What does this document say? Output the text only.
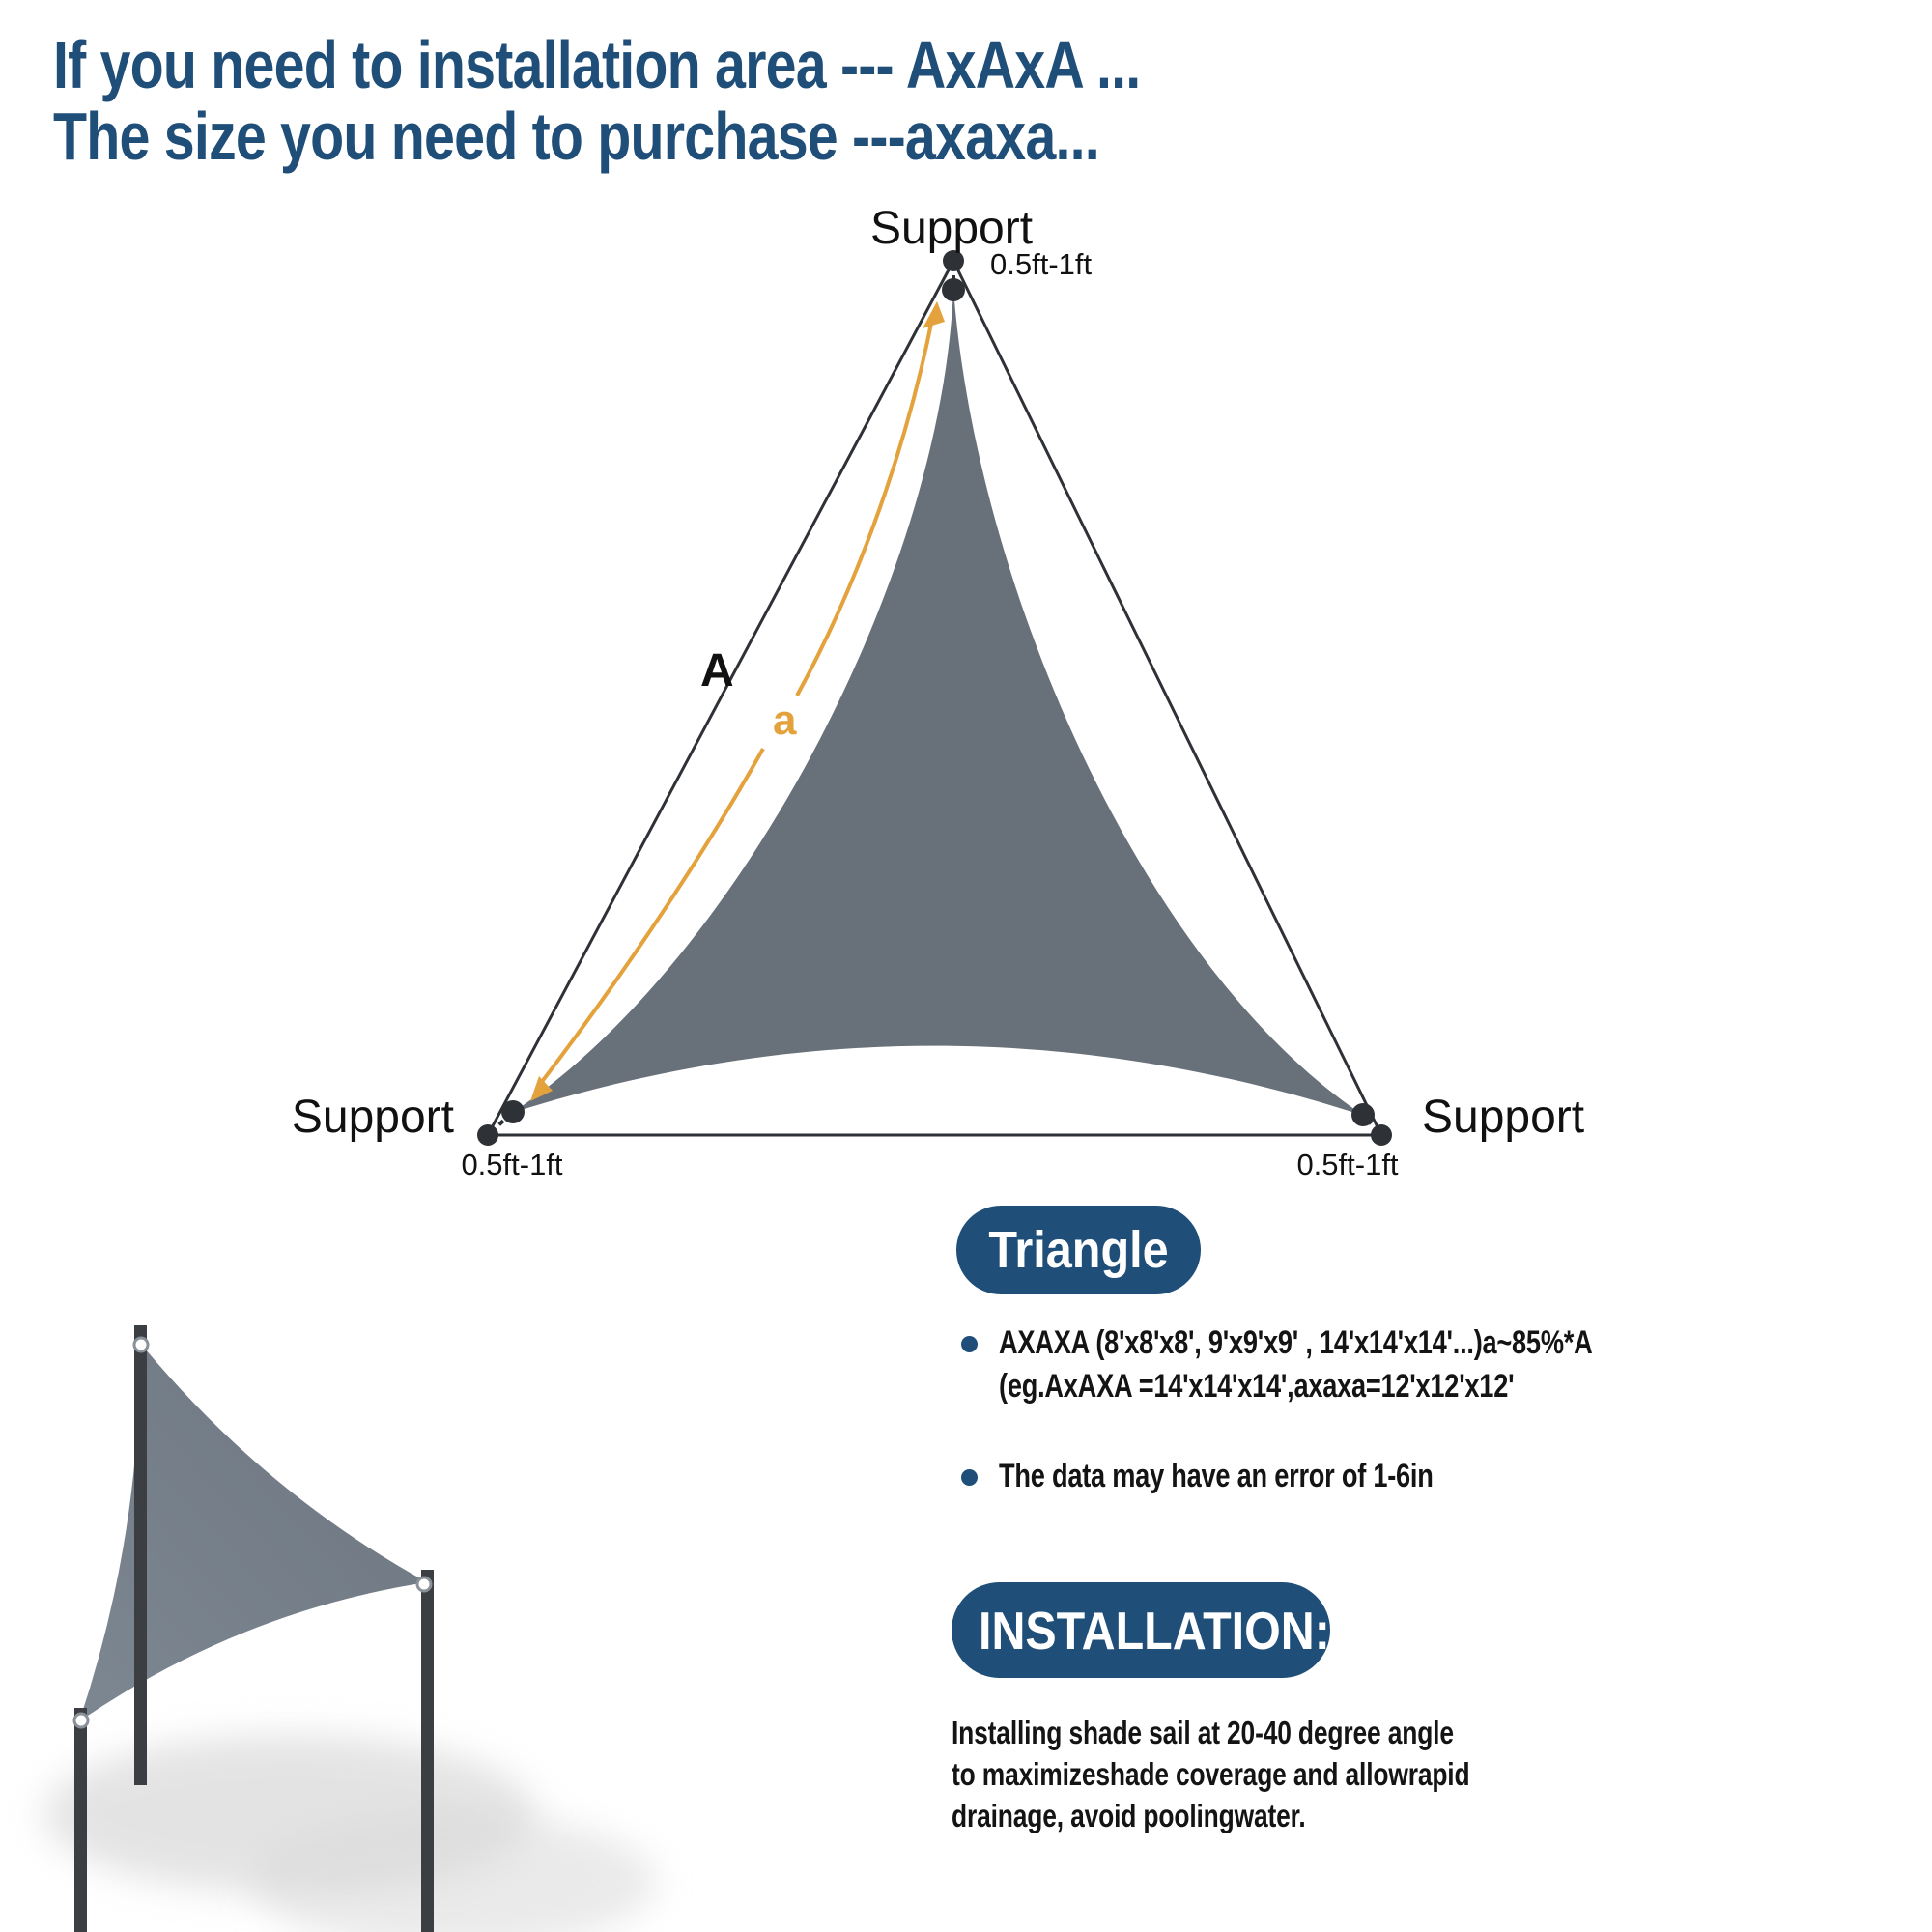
Support
0.5ft-1ft
Support
0.5ft-1ft
Support
0.5ft-1ft
A
a
If you need to installation area --- AxAxA ...
The size you need to purchase ---axaxa...
Triangle
AXAXA (8'x8'x8', 9'x9'x9' , 14'x14'x14'...)a~85%*A
(eg.AxAXA =14'x14'x14',axaxa=12'x12'x12'
The data may have an error of 1-6in
INSTALLATION:
Installing shade sail at 20-40 degree angle
to maximizeshade coverage and allowrapid
drainage, avoid poolingwater.
